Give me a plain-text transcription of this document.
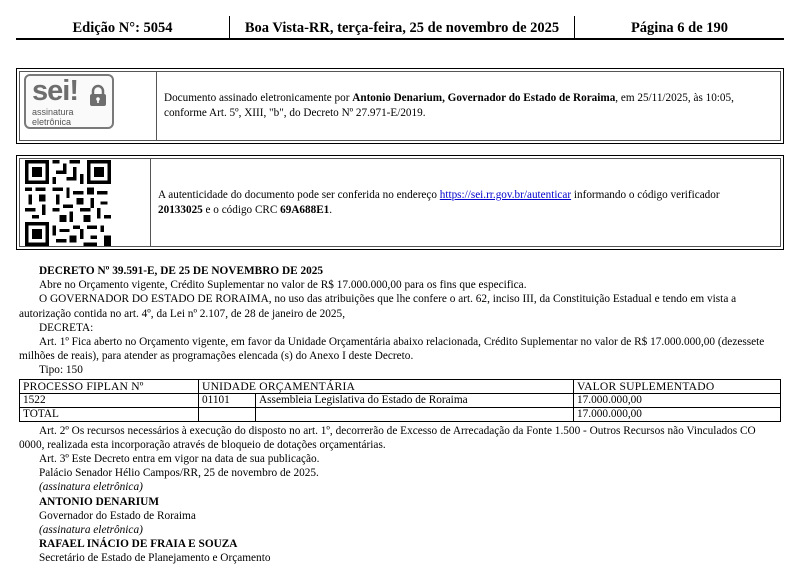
Edição N°: 5054	Boa Vista-RR, terça-feira, 25 de novembro de 2025	Página 6 de 190
sei!
assinatura
eletrônica
Documento assinado eletronicamente por Antonio Denarium, Governador do Estado de Roraima, em 25/11/2025, às 10:05, conforme Art. 5º, XIII, "b", do Decreto Nº 27.971-E/2019.
A autenticidade do documento pode ser conferida no endereço https://sei.rr.gov.br/autenticar informando o código verificador 20133025 e o código CRC 69A688E1.

DECRETO Nº 39.591-E, DE 25 DE NOVEMBRO DE 2025

Abre no Orçamento vigente, Crédito Suplementar no valor de R$ 17.000.000,00 para os fins que especifica.

O GOVERNADOR DO ESTADO DE RORAIMA, no uso das atribuições que lhe confere o art. 62, inciso III, da Constituição Estadual e tendo em vista a autorização contida no art. 4º, da Lei nº 2.107, de 28 de janeiro de 2025,

DECRETA:

Art. 1º Fica aberto no Orçamento vigente, em favor da Unidade Orçamentária abaixo relacionada, Crédito Suplementar no valor de R$ 17.000.000,00 (dezessete milhões de reais), para atender as programações elencada (s) do Anexo I deste Decreto.

Tipo: 150

PROCESSO FIPLAN Nº	UNIDADE ORÇAMENTÁRIA		VALOR SUPLEMENTADO
1522	01101	Assembleia Legislativa do Estado de Roraima	17.000.000,00
TOTAL			17.000.000,00

Art. 2º Os recursos necessários à execução do disposto no art. 1º, decorrerão de Excesso de Arrecadação da Fonte 1.500 - Outros Recursos não Vinculados CO 0000, realizada esta incorporação através de bloqueio de dotações orçamentárias.

Art. 3º Este Decreto entra em vigor na data de sua publicação.

Palácio Senador Hélio Campos/RR, 25 de novembro de 2025.

(assinatura eletrônica)

ANTONIO DENARIUM

Governador do Estado de Roraima

(assinatura eletrônica)

RAFAEL INÁCIO DE FRAIA E SOUZA

Secretário de Estado de Planejamento e Orçamento
